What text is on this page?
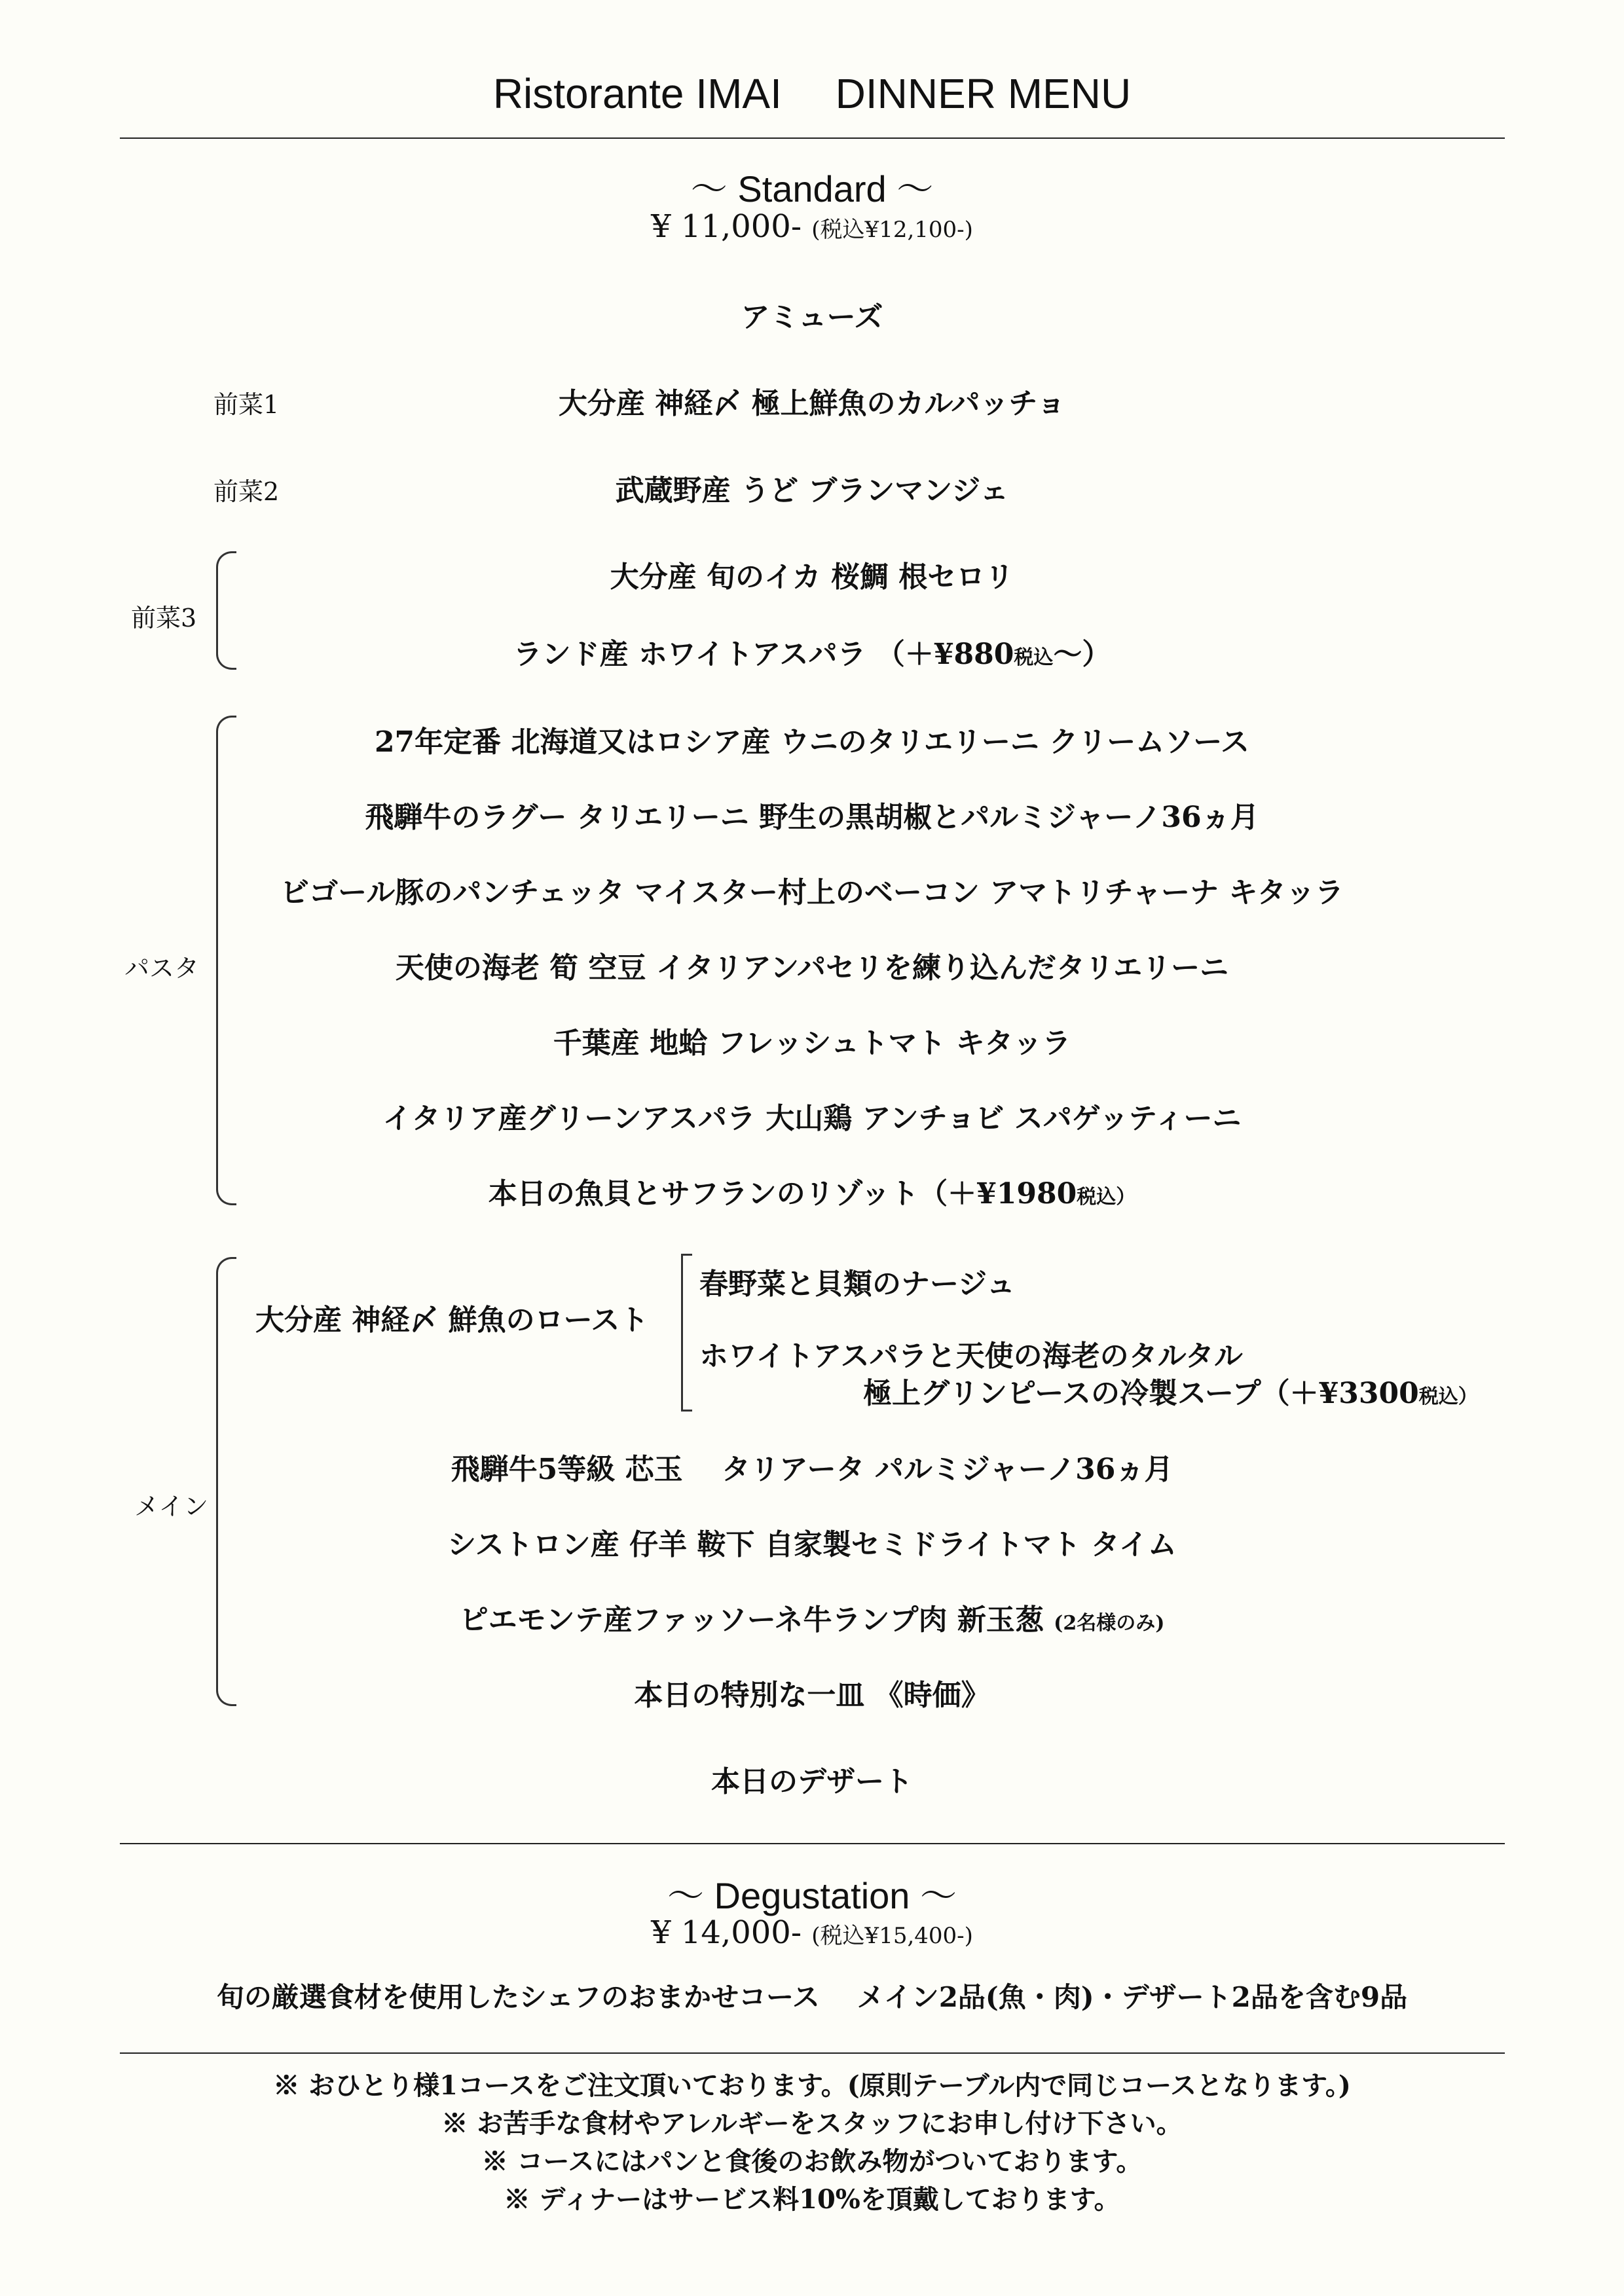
Ristorante IMAI　 DINNER MENU
～ Standard ～
¥ 11,000- (税込¥12,100-)
アミューズ
前菜1	大分産 神経〆 極上鮮魚のカルパッチョ
前菜2	武蔵野産 うど ブランマンジェ
前菜3
大分産 旬のイカ 桜鯛 根セロリ
ランド産 ホワイトアスパラ （＋¥880税込～）
パスタ
27年定番 北海道又はロシア産 ウニのタリエリーニ クリームソース
飛騨牛のラグー タリエリーニ 野生の黒胡椒とパルミジャーノ36ヵ月
ビゴール豚のパンチェッタ マイスター村上のベーコン アマトリチャーナ キタッラ
天使の海老 筍 空豆 イタリアンパセリを練り込んだタリエリーニ
千葉産 地蛤 フレッシュトマト キタッラ
イタリア産グリーンアスパラ 大山鶏 アンチョビ スパゲッティーニ
本日の魚貝とサフランのリゾット（＋¥1980税込）
メイン
大分産 神経〆 鮮魚のロースト
春野菜と貝類のナージュ
ホワイトアスパラと天使の海老のタルタル
極上グリンピースの冷製スープ（＋¥3300税込）
飛騨牛5等級 芯玉　 タリアータ パルミジャーノ36ヵ月
シストロン産 仔羊 鞍下 自家製セミドライトマト タイム
ピエモンテ産ファッソーネ牛ランプ肉 新玉葱 (2名様のみ)
本日の特別な一皿 《時価》
本日のデザート
～ Degustation ～
¥ 14,000- (税込¥15,400-)
旬の厳選食材を使用したシェフのおまかせコース　 メイン2品(魚・肉)・デザート2品を含む9品
※ おひとり様1コースをご注文頂いております。(原則テーブル内で同じコースとなります。)
※ お苦手な食材やアレルギーをスタッフにお申し付け下さい。
※ コースにはパンと食後のお飲み物がついております。
※ ディナーはサービス料10%を頂戴しております。
